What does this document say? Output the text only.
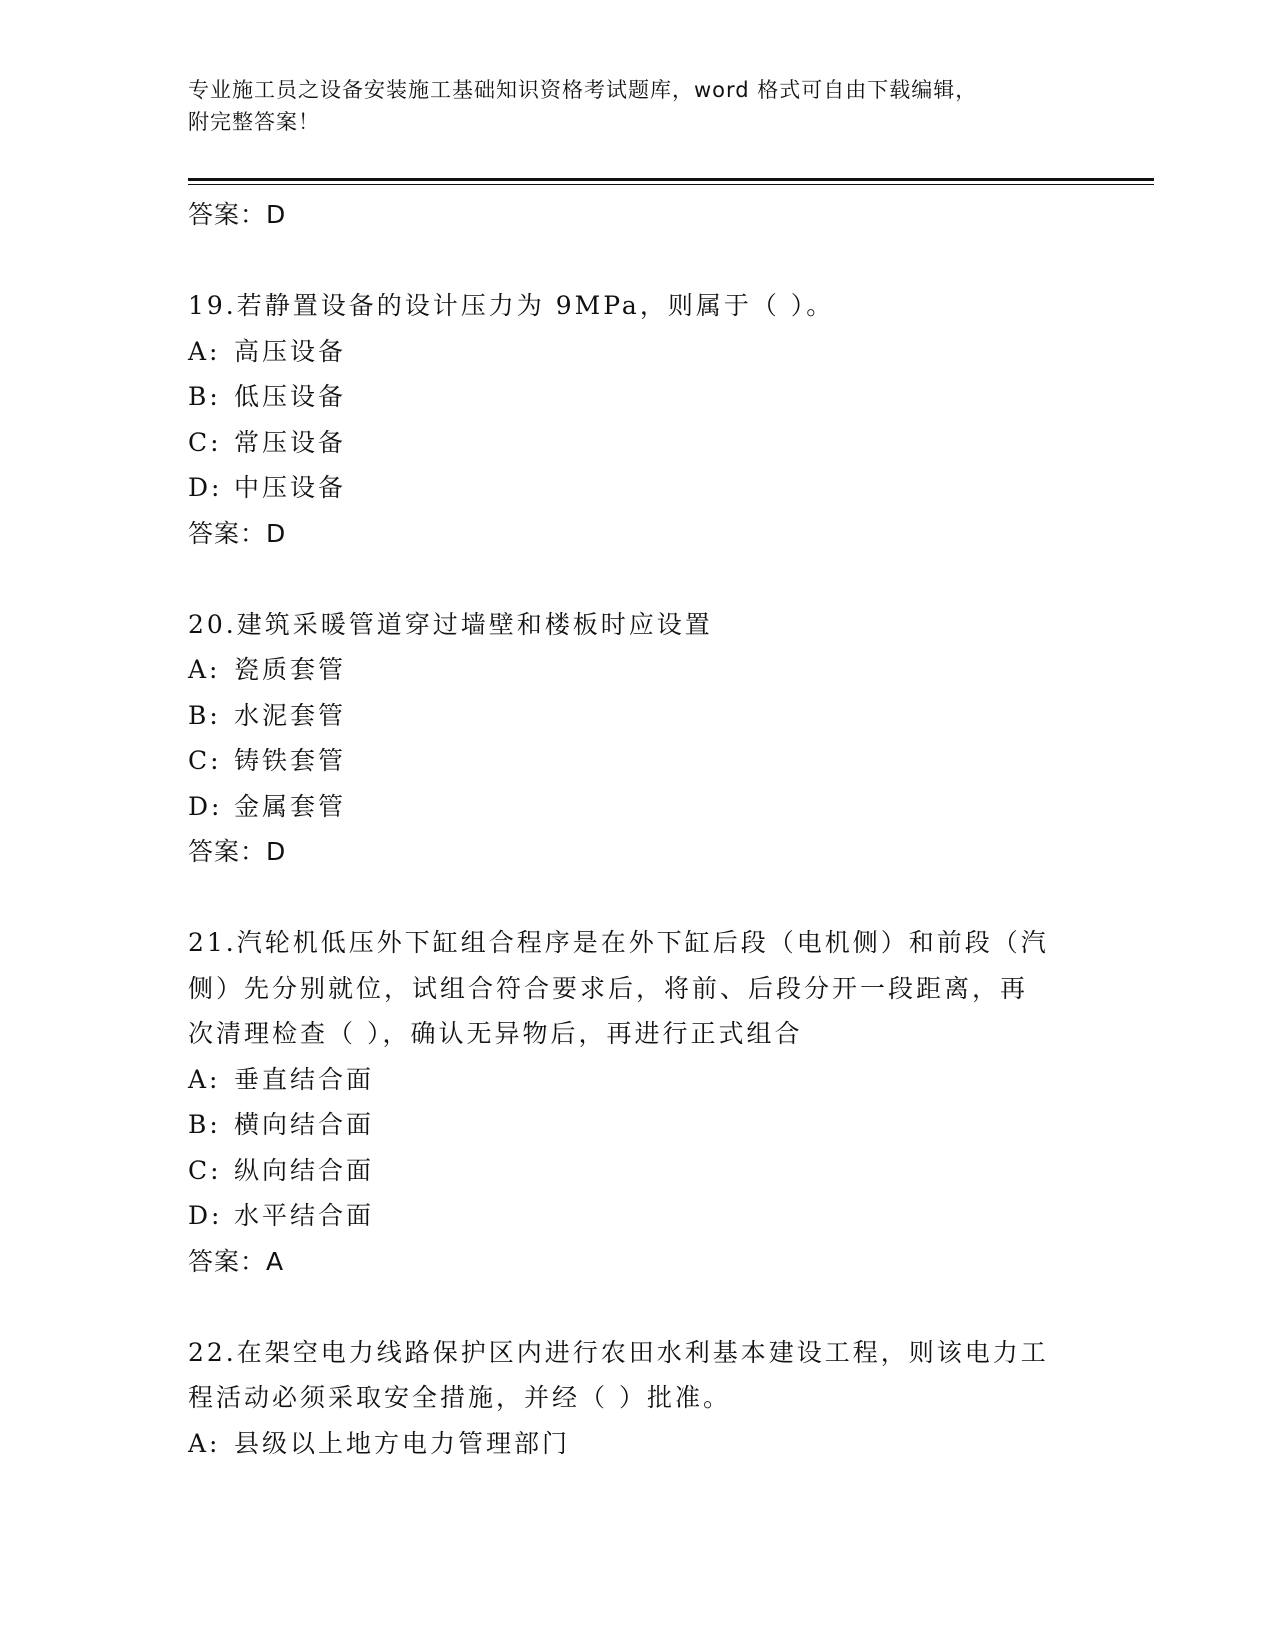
专业施工员之设备安装施工基础知识资格考试题库，word 格式可自由下载编辑，
附完整答案！
答案：D
19.若静置设备的设计压力为 9MPa，则属于（ ）。
A: 高压设备
B: 低压设备
C: 常压设备
D: 中压设备
答案：D
20.建筑采暖管道穿过墙壁和楼板时应设置
A: 瓷质套管
B: 水泥套管
C: 铸铁套管
D: 金属套管
答案：D
21.汽轮机低压外下缸组合程序是在外下缸后段（电机侧）和前段（汽
侧）先分别就位，试组合符合要求后，将前、后段分开一段距离，再
次清理检查（ ），确认无异物后，再进行正式组合
A: 垂直结合面
B: 横向结合面
C: 纵向结合面
D: 水平结合面
答案：A
22.在架空电力线路保护区内进行农田水利基本建设工程，则该电力工
程活动必须采取安全措施，并经（ ）批准。
A: 县级以上地方电力管理部门
